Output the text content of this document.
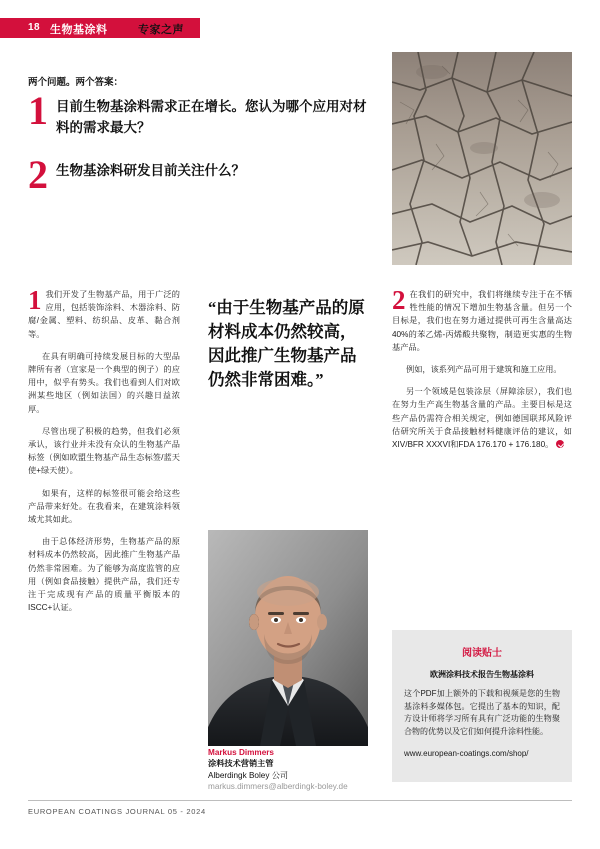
18 生物基涂料	专家之声
两个问题。两个答案：
1 目前生物基涂料需求正在增长。您认为哪个应用对材料的需求最大？
2 生物基涂料研发目前关注什么？

1 我们开发了生物基产品，用于广泛的应用，包括装饰涂料、木器涂料、防腐/金属、塑料、纺织品、皮革、黏合剂等。

在具有明确可持续发展目标的大型品牌所有者（宣家是一个典型的例子）的应用中，似乎有势头。我们也看到人们对欧洲某些地区（例如法国）的兴趣日益浓厚。

尽管出现了积极的趋势，但我们必须承认，该行业并未没有众认的生物基产品标签（例如欧盟生物基产品生态标签/蓝天使+绿天使）。

如果有，这样的标签很可能会给这些产品带来好处。在我看来，在建筑涂料领域尤其如此。

由于总体经济形势，生物基产品的原材料成本仍然较高，因此推广生物基产品仍然非常困难。为了能够为高度监管的应用（例如食品接触）提供产品，我们还专注于完成现有产品的质量平衡版本的ISCC+认证。

“由于生物基产品的原材料成本仍然较高，因此推广生物基产品仍然非常困难。”

Markus Dimmers

涂料技术营销主管

Alberdingk Boley 公司

markus.dimmers@alberdingk-boley.de

2 在我们的研究中，我们将继续专注于在不牺牲性能的情况下增加生物基含量。但另一个目标是，我们也在努力通过提供可再生含量高达40%的苯乙烯-丙烯酸共聚物，制造更实惠的生物基产品。

例如，该系列产品可用于建筑和施工应用。

另一个领域是包装涂层（屏障涂层），我们也在努力生产高生物基含量的产品。主要目标是这些产品仍需符合相关规定，例如德国联邦风险评估研究所关于食品接触材料健康评估的建议，如XIV/BFR XXXVI和FDA 176.170 + 176.180。

阅读贴士
欧洲涂料技术报告生物基涂料
这个PDF加上额外的下载和视频是您的生物基涂料多媒体包。它提出了基本的知识，配方设计师将学习所有具有广泛功能的生物聚合物的优势以及它们如何提升涂料性能。
www.european-coatings.com/shop/
EUROPEAN COATINGS JOURNAL 05 - 2024
